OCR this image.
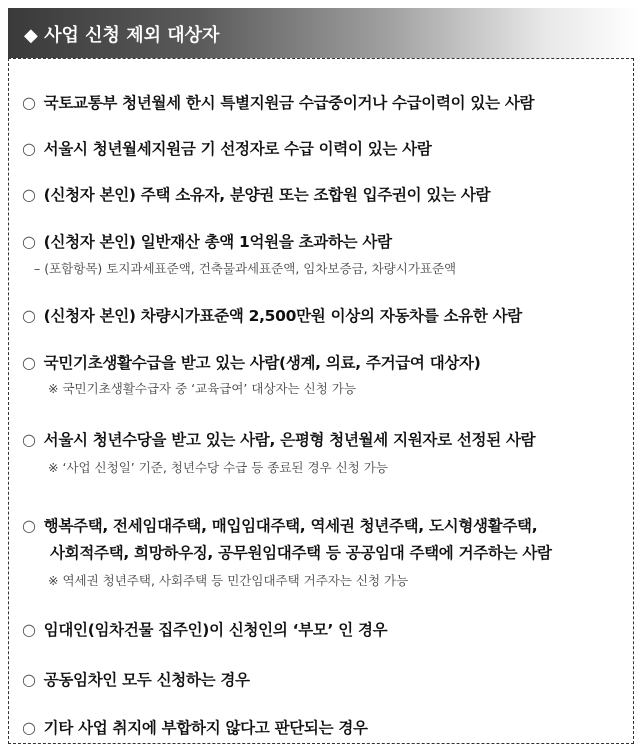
◆ 사업 신청 제외 대상자
○ 국토교통부 청년월세 한시 특별지원금 수급중이거나 수급이력이 있는 사람
○ 서울시 청년월세지원금 기 선정자로 수급 이력이 있는 사람
○ (신청자 본인) 주택 소유자, 분양권 또는 조합원 입주권이 있는 사람
○ (신청자 본인) 일반재산 총액 1억원을 초과하는 사람
– (포함항목) 토지과세표준액, 건축물과세표준액, 임차보증금, 차량시가표준액
○ (신청자 본인) 차량시가표준액 2,500만원 이상의 자동차를 소유한 사람
○ 국민기초생활수급을 받고 있는 사람(생계, 의료, 주거급여 대상자)
※ 국민기초생활수급자 중 ‘교육급여’ 대상자는 신청 가능
○ 서울시 청년수당을 받고 있는 사람, 은평형 청년월세 지원자로 선정된 사람
※ ‘사업 신청일’ 기준, 청년수당 수급 등 종료된 경우 신청 가능
○ 행복주택, 전세임대주택, 매입임대주택, 역세권 청년주택, 도시형생활주택,
사회적주택, 희망하우징, 공무원임대주택 등 공공임대 주택에 거주하는 사람
※ 역세권 청년주택, 사회주택 등 민간임대주택 거주자는 신청 가능
○ 임대인(임차건물 집주인)이 신청인의 ‘부모’ 인 경우
○ 공동임차인 모두 신청하는 경우
○ 기타 사업 취지에 부합하지 않다고 판단되는 경우
